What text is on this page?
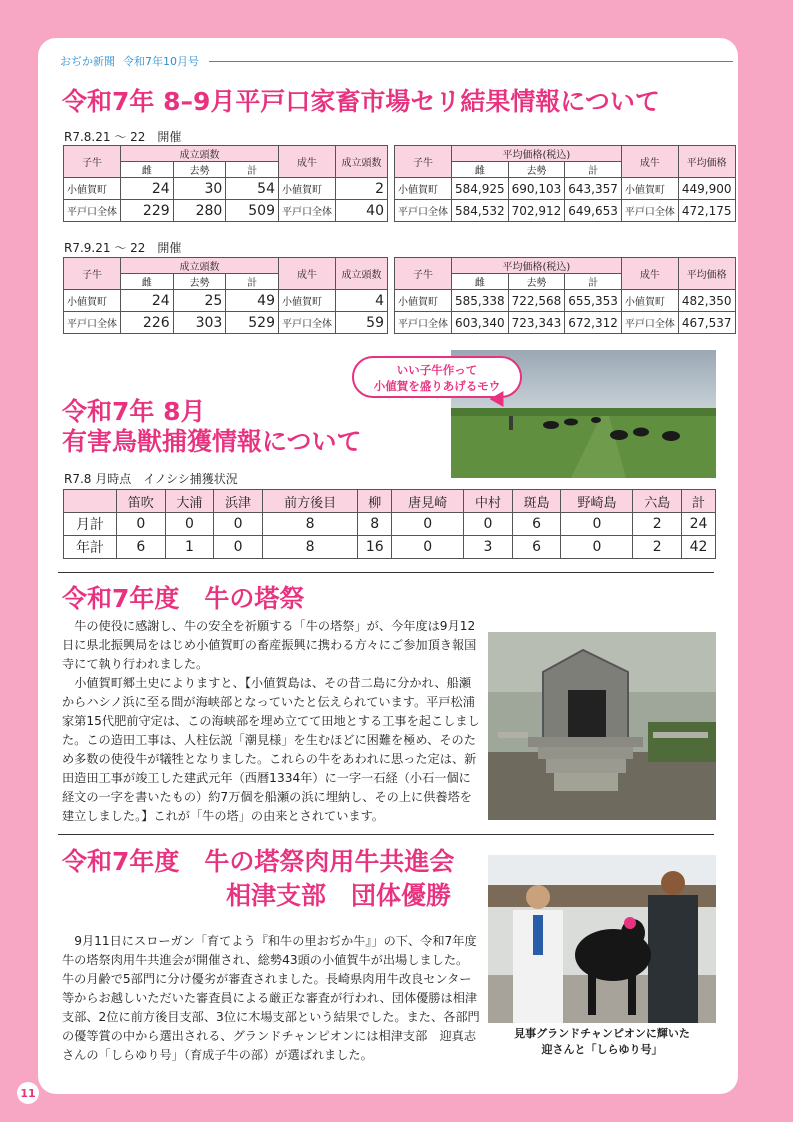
おぢか新聞 令和7年10月号
令和7年 8–9月平戸口家畜市場セリ結果情報について
R7.8.21 ～ 22　開催
子牛	成立頭数			成牛	成立頭数
	雌	去勢	計		
小値賀町	24	30	54	小値賀町	2
平戸口全体	229	280	509	平戸口全体	40
子牛	平均価格(税込)			成牛	平均価格
	雌	去勢	計		
小値賀町	584,925	690,103	643,357	小値賀町	449,900
平戸口全体	584,532	702,912	649,653	平戸口全体	472,175
R7.9.21 ～ 22　開催
子牛	成立頭数			成牛	成立頭数
	雌	去勢	計		
小値賀町	24	25	49	小値賀町	4
平戸口全体	226	303	529	平戸口全体	59
子牛	平均価格(税込)			成牛	平均価格
	雌	去勢	計		
小値賀町	585,338	722,568	655,353	小値賀町	482,350
平戸口全体	603,340	723,343	672,312	平戸口全体	467,537
いい子牛作って
小値賀を盛りあげるモウ
令和7年 8月
有害鳥獣捕獲情報について
R7.8 月時点　イノシシ捕獲状況
	笛吹	大浦	浜津	前方後目	柳	唐見崎	中村	斑島	野崎島	六島	計
月計	0	0	0	8	8	0	0	6	0	2	24
年計	6	1	0	8	16	0	3	6	0	2	42
令和7年度　牛の塔祭

牛の使役に感謝し、牛の安全を祈願する「牛の塔祭」が、今年度は9月12日に県北振興局をはじめ小値賀町の畜産振興に携わる方々にご参加頂き報国寺にて執り行われました。

小値賀町郷土史によりますと、【小値賀島は、その昔二島に分かれ、船瀬からハシノ浜に至る間が海峡部となっていたと伝えられています。平戸松浦家第15代肥前守定は、この海峡部を埋め立てて田地とする工事を起こしました。この造田工事は、人柱伝説「潮見様」を生むほどに困難を極め、そのため多数の使役牛が犠牲となりました。これらの牛をあわれに思った定は、新田造田工事が竣工した建武元年（西暦1334年）に一字一石経（小石一個に経文の一字を書いたもの）約7万個を船瀬の浜に埋納し、その上に供養塔を建立しました。】これが「牛の塔」の由来とされています。

令和7年度　牛の塔祭肉用牛共進会
相津支部　団体優勝

9月11日にスローガン「育てよう『和牛の里おぢか牛』」の下、令和7年度牛の塔祭肉用牛共進会が開催され、総勢43頭の小値賀牛が出場しました。牛の月齢で5部門に分け優劣が審査されました。長崎県肉用牛改良センター等からお越しいただいた審査員による厳正な審査が行われ、団体優勝は相津支部、2位に前方後目支部、3位に木場支部という結果でした。また、各部門の優等賞の中から選出される、グランドチャンピオンには相津支部　迎真志さんの「しらゆり号」（育成子牛の部）が選ばれました。

見事グランドチャンピオンに輝いた
迎さんと「しらゆり号」
11
